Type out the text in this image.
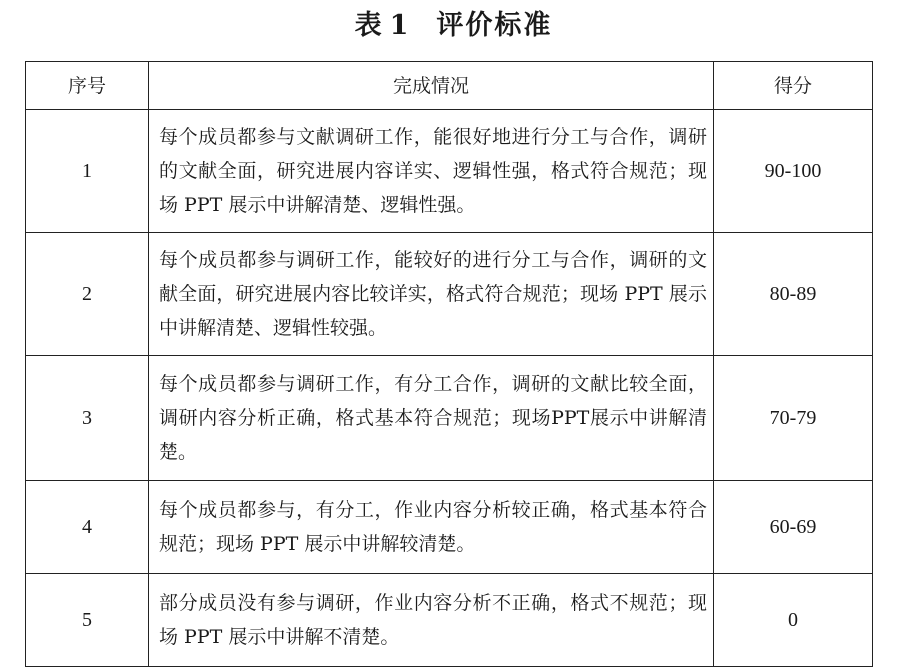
表 1 评价标准
序号	完成情况	得分
1	每个成员都参与文献调研工作，能很好地进行分工与合作，调研的文献全面，研究进展内容详实、逻辑性强，格式符合规范；现场 PPT 展示中讲解清楚、逻辑性强。	90-100
2	每个成员都参与调研工作，能较好的进行分工与合作，调研的文献全面，研究进展内容比较详实，格式符合规范；现场 PPT 展示中讲解清楚、逻辑性较强。	80-89
3	每个成员都参与调研工作，有分工合作，调研的文献比较全面，调研内容分析正确，格式基本符合规范；现场PPT展示中讲解清楚。	70-79
4	每个成员都参与，有分工，作业内容分析较正确，格式基本符合规范；现场 PPT 展示中讲解较清楚。	60-69
5	部分成员没有参与调研，作业内容分析不正确，格式不规范；现场 PPT 展示中讲解不清楚。	0
